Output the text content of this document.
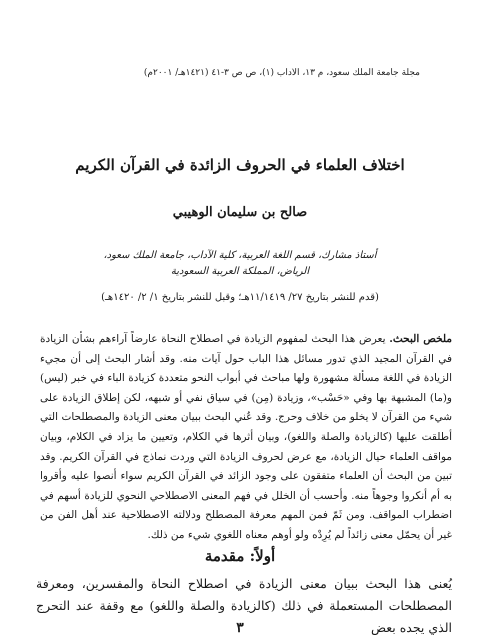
مجلة جامعة الملك سعود، م ١٣، الآداب (١)، ص ص ٣-٤١ (١٤٢١هـ/ ٢٠٠١م)
اختلاف العلماء في الحروف الزائدة في القرآن الكريم
صالح بن سليمان الوهيبي
أستاذ مشارك، قسم اللغة العربية، كلية الآداب، جامعة الملك سعود،
الرياض، المملكة العربية السعودية
(قدم للنشر بتاريخ ٢٧/ ١١/١٤١٩هـ؛ وقبل للنشر بتاريخ ١/ ٢/ ١٤٢٠هـ)
ملخص البحث. يعرض هذا البحث لمفهوم الزيادة في اصطلاح النحاة عارضاً آراءهم بشأن الزيادة في القرآن المجيد الذي تدور مسائل هذا الباب حول آيات منه. وقد أشار البحث إلى أن مجيء الزيادة في اللغة مسألة مشهورة ولها مباحث في أبواب النحو متعددة كزيادة الباء في خبر (ليس) و(ما) المشبهة بها وفي «حَسْب»، وزيادة (مِن) في سياق نفي أو شبهه، لكن إطلاق الزيادة على شيء من القرآن لا يخلو من خلاف وحرج. وقد عُني البحث ببيان معنى الزيادة والمصطلحات التي أطلقت عليها (كالزيادة والصلة واللغو)، وبيان أثرها في الكلام، وتعيين ما يزاد في الكلام، وبيان مواقف العلماء حيال الزيادة، مع عرض لحروف الزيادة التي وردت نماذج في القرآن الكريم. وقد تبين من البحث أن العلماء متفقون على وجود الزائد في القرآن الكريم سواء أنصوا عليه وأقروا به أم أنكروا وجوهاً منه. وأحسب أن الخلل في فهم المعنى الاصطلاحي النحوي للزيادة أسهم في اضطراب المواقف. ومن ثَمّ فمن المهم معرفة المصطلح ودلالته الاصطلاحية عند أهل الفن من غير أن يحمّل معنى زائداً لم يُرِدْه ولو أوهم معناه اللغوي شيء من ذلك.
أولاً: مقدمة
يُعنى هذا البحث ببيان معنى الزيادة في اصطلاح النحاة والمفسرين، ومعرفة المصطلحات المستعملة في ذلك (كالزيادة والصلة واللغو) مع وقفة عند التحرج الذي يجده بعض
٣
